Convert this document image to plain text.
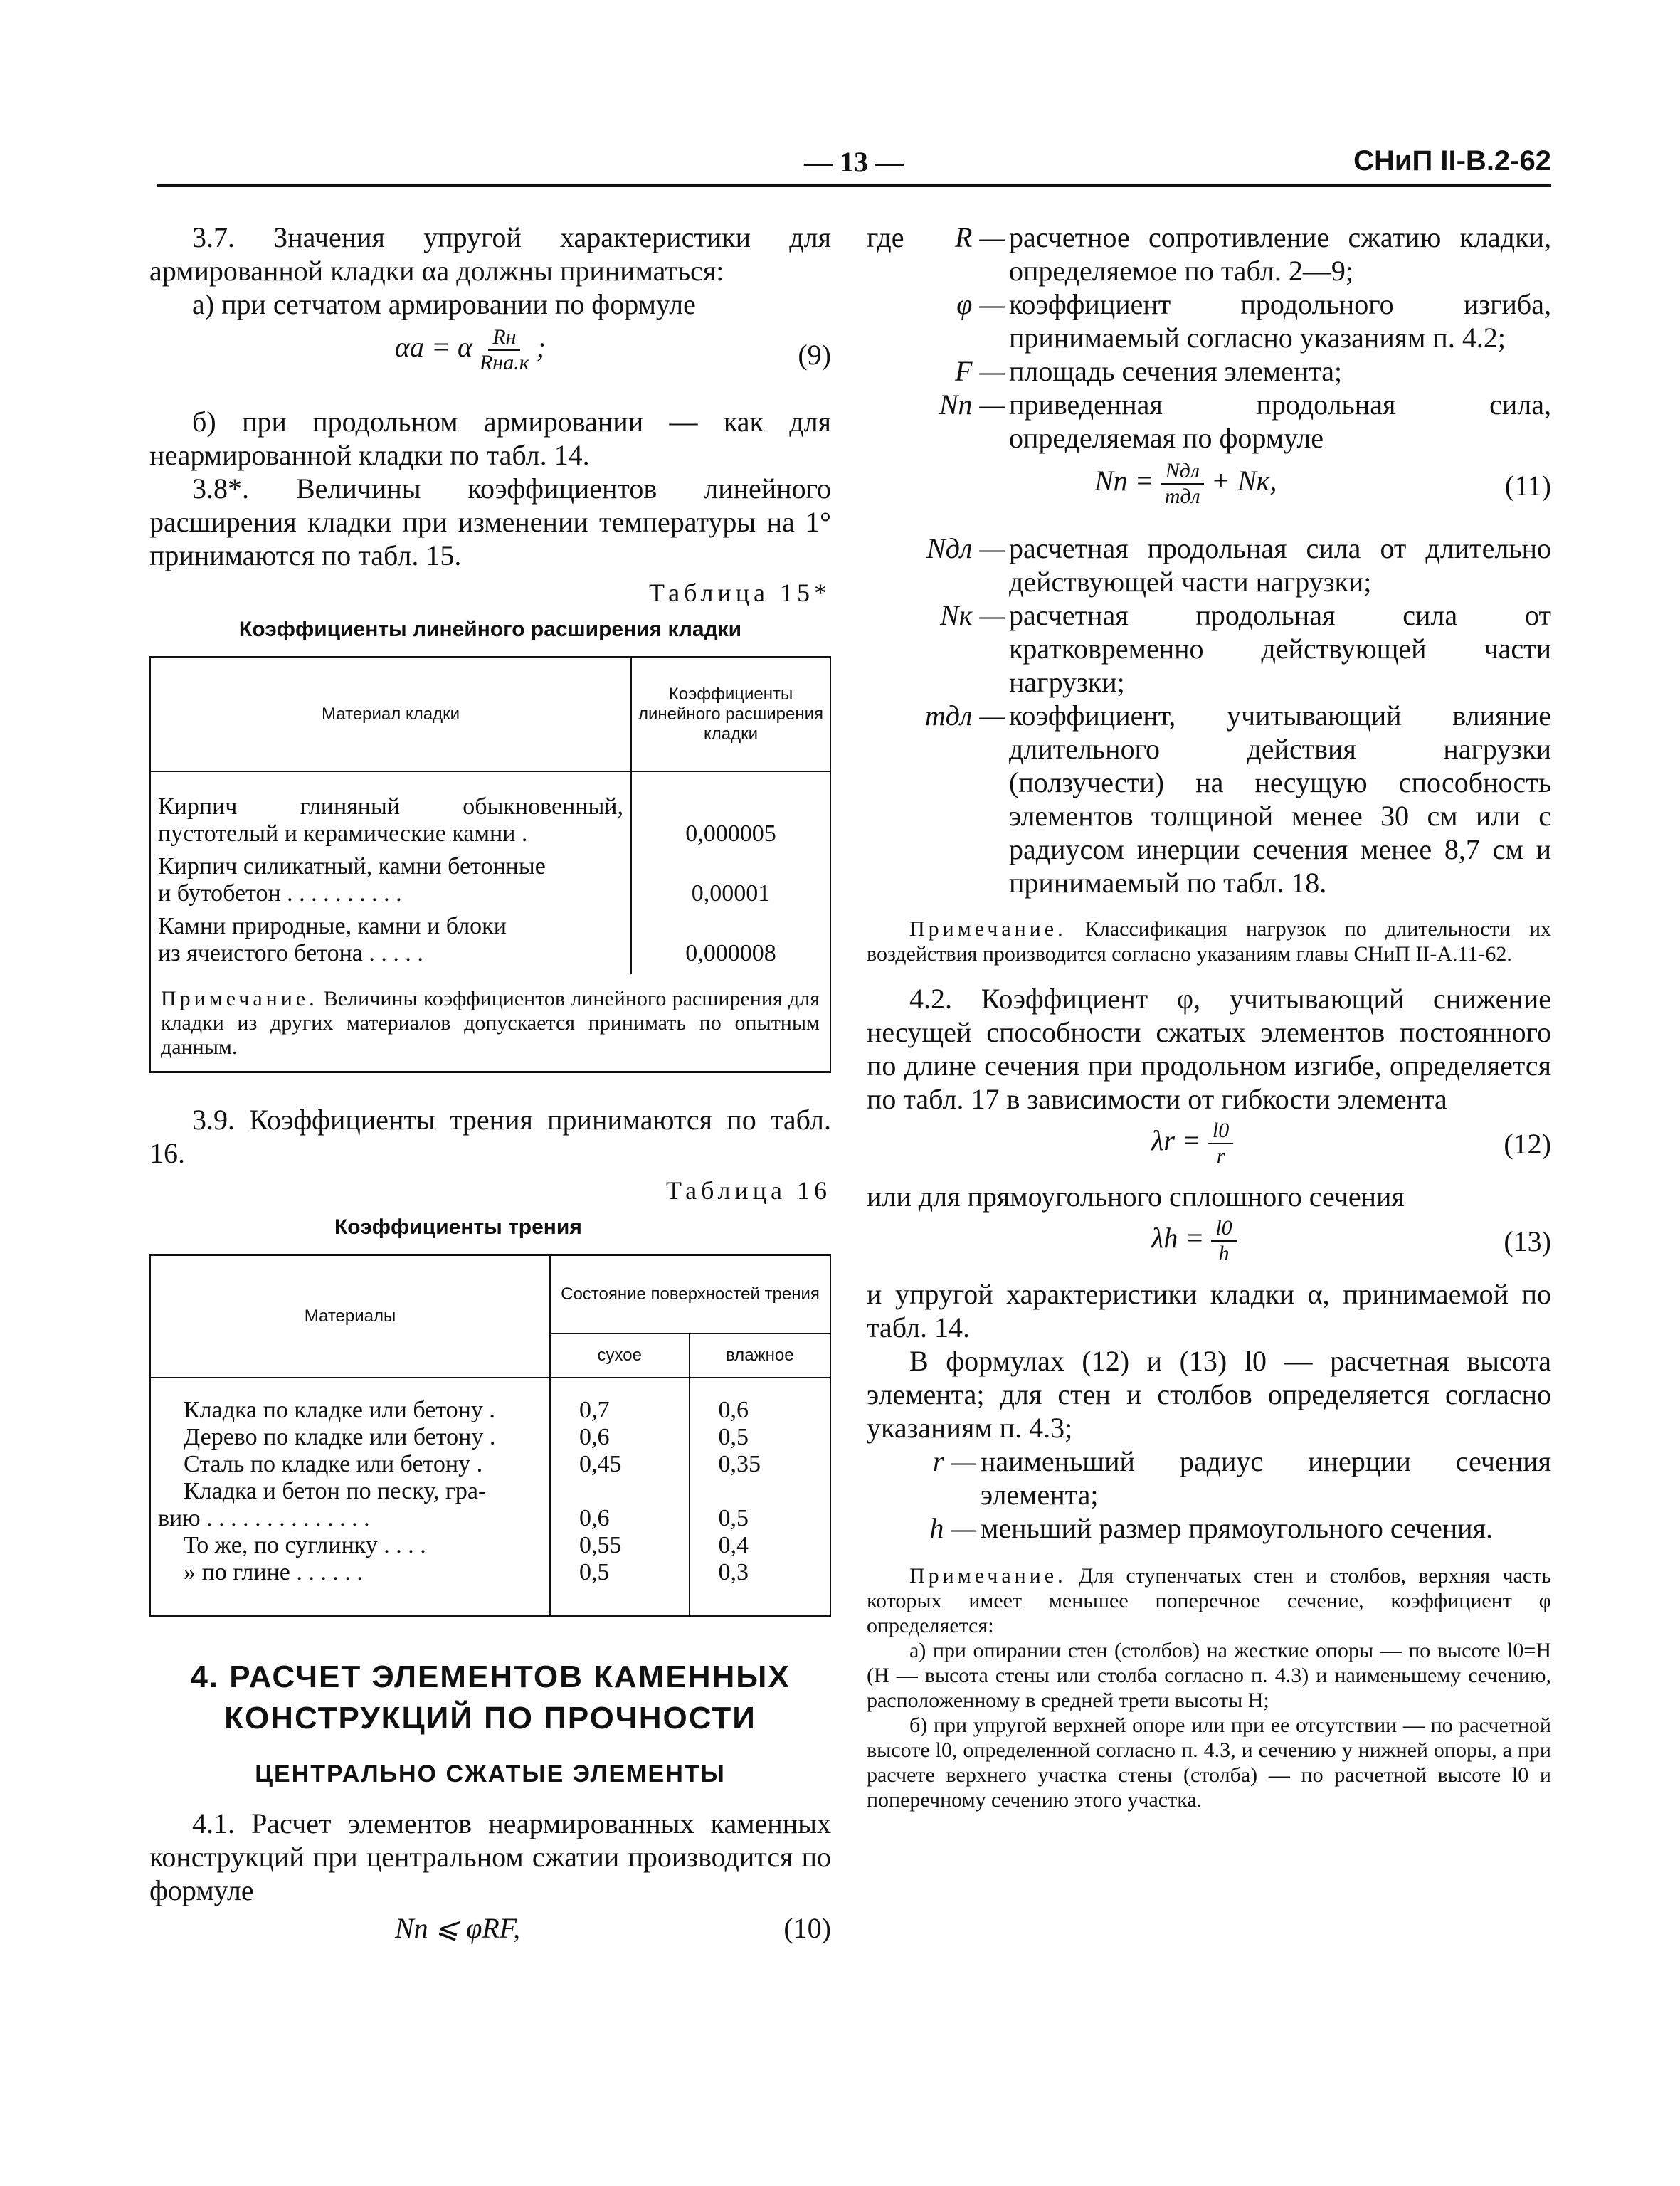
— 13 —	СНиП II-В.2-62

3.7. Значения упругой характеристики для армированной кладки αа должны приниматься:

а) при сетчатом армировании по формуле

αа = α $\frac{Rн}{\text{Rна.к}}$ ;	(9)

б) при продольном армировании — как для неармированной кладки по табл. 14.

3.8*. Величины коэффициентов линейного расширения кладки при изменении температуры на 1° принимаются по табл. 15.

Таблица 15*
Коэффициенты линейного расширения кладки
Материал кладки	Коэффициенты линейного расширения кладки

Кирпич глиняный обыкновенный,	
пустотелый и керамические камни .	0,000005
Кирпич силикатный, камни бетонные	
и бутобетон . . . . . . . . . .	0,00001
Камни природные, камни и блоки	
из ячеистого бетона . . . . .	0,000008
Примечание. Величины коэффициентов линейного расширения для кладки из других материалов допускается принимать по опытным данным.	

3.9. Коэффициенты трения принимаются по табл. 16.

Таблица 16
Коэффициенты трения
Материалы	Состояние поверхностей трения	
	сухое	влажное

Кладка по кладке или бетону .	0,7	0,6
Дерево по кладке или бетону .	0,6	0,5
Сталь по кладке или бетону .	0,45	0,35
Кладка и бетон по песку, гра-		
вию . . . . . . . . . . . . . .	0,6	0,5
То же, по суглинку . . . .	0,55	0,4
» по глине . . . . . .	0,5	0,3
4. РАСЧЕТ ЭЛЕМЕНТОВ КАМЕННЫХ
КОНСТРУКЦИЙ ПО ПРОЧНОСТИ
ЦЕНТРАЛЬНО СЖАТЫЕ ЭЛЕМЕНТЫ

4.1. Расчет элементов неармированных каменных конструкций при центральном сжатии производится по формуле

Nп ⩽ φRF,	(10)
где	R — расчетное сопротивление сжатию кладки, определяемое по табл. 2—9;
φ — коэффициент продольного изгиба, принимаемый согласно указаниям п. 4.2;
F — площадь сечения элемента;
Nп — приведенная продольная сила, определяемая по формуле
Nп = $\frac{\text{Nдл}}{\text{mдл}}$ + Nк,	(11)
Nдл — расчетная продольная сила от длительно действующей части нагрузки;
Nк — расчетная продольная сила от кратковременно действующей части нагрузки;
mдл — коэффициент, учитывающий влияние длительного действия нагрузки (ползучести) на несущую способность элементов толщиной менее 30 см или с радиусом инерции сечения менее 8,7 см и принимаемый по табл. 18.

Примечание. Классификация нагрузок по длительности их воздействия производится согласно указаниям главы СНиП II-А.11-62.

4.2. Коэффициент φ, учитывающий снижение несущей способности сжатых элементов постоянного по длине сечения при продольном изгибе, определяется по табл. 17 в зависимости от гибкости элемента

$\lambda r = \frac{l0}{r}$	(12)

или для прямоугольного сплошного сечения

$\lambda h = \frac{l0}{h}$	(13)

и упругой характеристики кладки α, принимаемой по табл. 14.

В формулах (12) и (13) l0 — расчетная высота элемента; для стен и столбов определяется согласно указаниям п. 4.3;

r — наименьший радиус инерции сечения элемента;
h — меньший размер прямоугольного сечения.

Примечание. Для ступенчатых стен и столбов, верхняя часть которых имеет меньшее поперечное сечение, коэффициент φ определяется:

а) при опирании стен (столбов) на жесткие опоры — по высоте l0=H (H — высота стены или столба согласно п. 4.3) и наименьшему сечению, расположенному в средней трети высоты H;

б) при упругой верхней опоре или при ее отсутствии — по расчетной высоте l0, определенной согласно п. 4.3, и сечению у нижней опоры, а при расчете верхнего участка стены (столба) — по расчетной высоте l0 и поперечному сечению этого участка.
